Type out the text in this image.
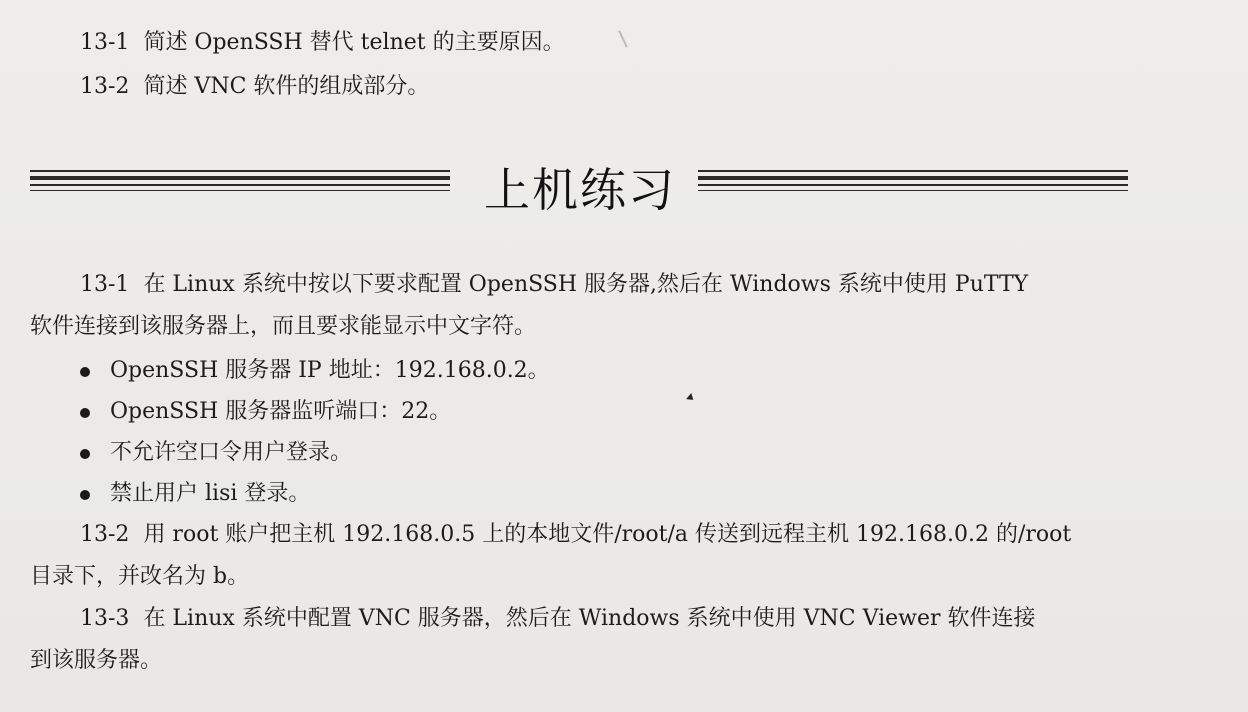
13-1 简述 OpenSSH 替代 telnet 的主要原因。
13-2 简述 VNC 软件的组成部分。
上机练习
13-1 在 Linux 系统中按以下要求配置 OpenSSH 服务器,然后在 Windows 系统中使用 PuTTY
软件连接到该服务器上，而且要求能显示中文字符。
OpenSSH 服务器 IP 地址：192.168.0.2。
OpenSSH 服务器监听端口：22。
不允许空口令用户登录。
禁止用户 lisi 登录。
13-2 用 root 账户把主机 192.168.0.5 上的本地文件/root/a 传送到远程主机 192.168.0.2 的/root
目录下，并改名为 b。
13-3 在 Linux 系统中配置 VNC 服务器，然后在 Windows 系统中使用 VNC Viewer 软件连接
到该服务器。
